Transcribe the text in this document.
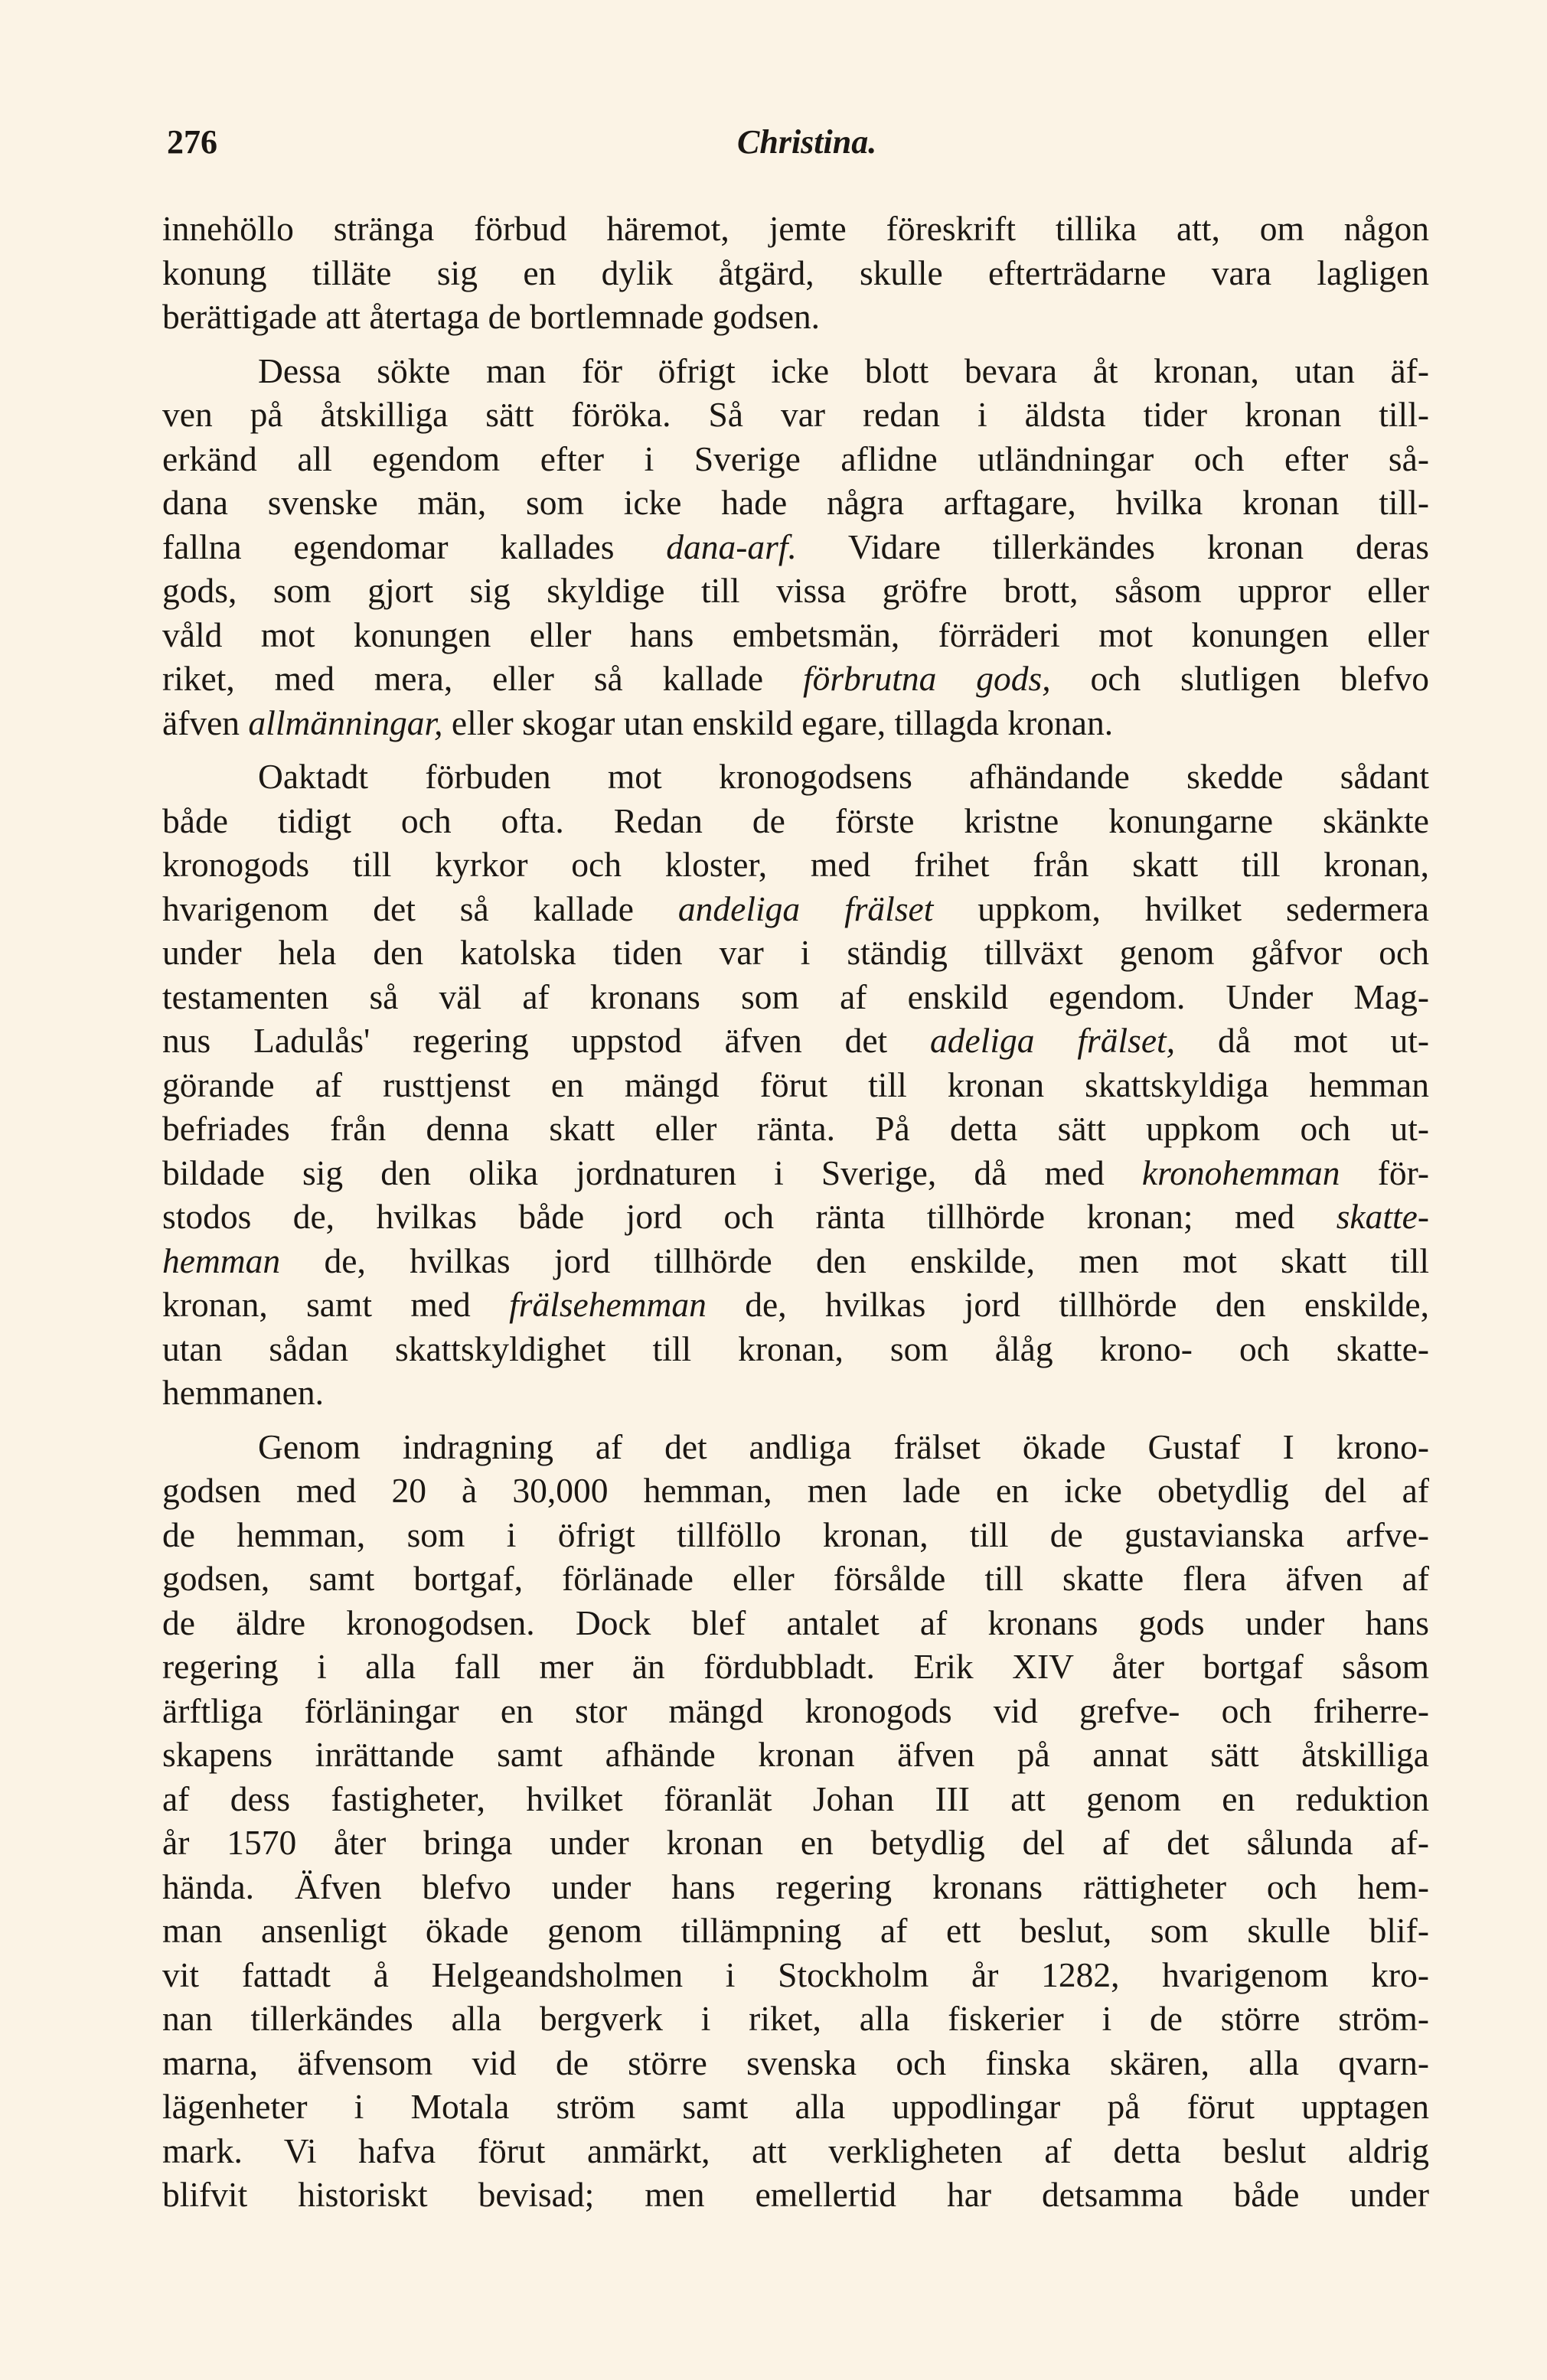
276	Christina.
innehöllo stränga förbud häremot, jemte föreskrift tillika att, om någon
konung tilläte sig en dylik åtgärd, skulle efterträdarne vara lagligen
berättigade att återtaga de bortlemnade godsen.
Dessa sökte man för öfrigt icke blott bevara åt kronan, utan äf-
ven på åtskilliga sätt föröka. Så var redan i äldsta tider kronan till-
erkänd all egendom efter i Sverige aflidne utländningar och efter så-
dana svenske män, som icke hade några arftagare, hvilka kronan till-
fallna egendomar kallades dana-arf. Vidare tillerkändes kronan deras
gods, som gjort sig skyldige till vissa gröfre brott, såsom uppror eller
våld mot konungen eller hans embetsmän, förräderi mot konungen eller
riket, med mera, eller så kallade förbrutna gods, och slutligen blefvo
äfven allmänningar, eller skogar utan enskild egare, tillagda kronan.
Oaktadt förbuden mot kronogodsens afhändande skedde sådant
både tidigt och ofta. Redan de förste kristne konungarne skänkte
kronogods till kyrkor och kloster, med frihet från skatt till kronan,
hvarigenom det så kallade andeliga frälset uppkom, hvilket sedermera
under hela den katolska tiden var i ständig tillväxt genom gåfvor och
testamenten så väl af kronans som af enskild egendom. Under Mag-
nus Ladulås' regering uppstod äfven det adeliga frälset, då mot ut-
görande af rusttjenst en mängd förut till kronan skattskyldiga hemman
befriades från denna skatt eller ränta. På detta sätt uppkom och ut-
bildade sig den olika jordnaturen i Sverige, då med kronohemman för-
stodos de, hvilkas både jord och ränta tillhörde kronan; med skatte-
hemman de, hvilkas jord tillhörde den enskilde, men mot skatt till
kronan, samt med frälsehemman de, hvilkas jord tillhörde den enskilde,
utan sådan skattskyldighet till kronan, som ålåg krono- och skatte-
hemmanen.
Genom indragning af det andliga frälset ökade Gustaf I krono-
godsen med 20 à 30,000 hemman, men lade en icke obetydlig del af
de hemman, som i öfrigt tillföllo kronan, till de gustavianska arfve-
godsen, samt bortgaf, förlänade eller försålde till skatte flera äfven af
de äldre kronogodsen. Dock blef antalet af kronans gods under hans
regering i alla fall mer än fördubbladt. Erik XIV åter bortgaf såsom
ärftliga förläningar en stor mängd kronogods vid grefve- och friherre-
skapens inrättande samt afhände kronan äfven på annat sätt åtskilliga
af dess fastigheter, hvilket föranlät Johan III att genom en reduktion
år 1570 åter bringa under kronan en betydlig del af det sålunda af-
hända. Äfven blefvo under hans regering kronans rättigheter och hem-
man ansenligt ökade genom tillämpning af ett beslut, som skulle blif-
vit fattadt å Helgeandsholmen i Stockholm år 1282, hvarigenom kro-
nan tillerkändes alla bergverk i riket, alla fiskerier i de större ström-
marna, äfvensom vid de större svenska och finska skären, alla qvarn-
lägenheter i Motala ström samt alla uppodlingar på förut upptagen
mark. Vi hafva förut anmärkt, att verkligheten af detta beslut aldrig
blifvit historiskt bevisad; men emellertid har detsamma både under
